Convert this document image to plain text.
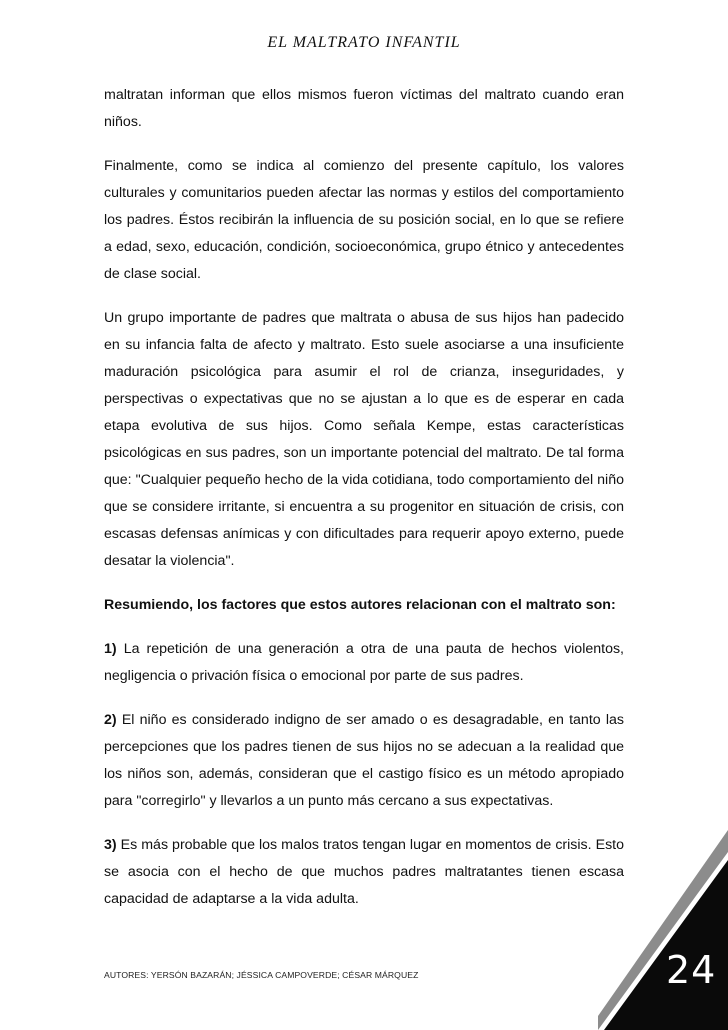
EL MALTRATO INFANTIL

maltratan informan que ellos mismos fueron víctimas del maltrato cuando eran niños.

Finalmente, como se indica al comienzo del presente capítulo, los valores culturales y comunitarios pueden afectar las normas y estilos del comportamiento los padres. Éstos recibirán la influencia de su posición social, en lo que se refiere a edad, sexo, educación, condición, socioeconómica, grupo étnico y antecedentes de clase social.

Un grupo importante de padres que maltrata o abusa de sus hijos han padecido en su infancia falta de afecto y maltrato. Esto suele asociarse a una insuficiente maduración psicológica para asumir el rol de crianza, inseguridades, y perspectivas o expectativas que no se ajustan a lo que es de esperar en cada etapa evolutiva de sus hijos. Como señala Kempe, estas características psicológicas en sus padres, son un importante potencial del maltrato. De tal forma que: "Cualquier pequeño hecho de la vida cotidiana, todo comportamiento del niño que se considere irritante, si encuentra a su progenitor en situación de crisis, con escasas defensas anímicas y con dificultades para requerir apoyo externo, puede desatar la violencia".

Resumiendo, los factores que estos autores relacionan con el maltrato son:

1) La repetición de una generación a otra de una pauta de hechos violentos, negligencia o privación física o emocional por parte de sus padres.

2) El niño es considerado indigno de ser amado o es desagradable, en tanto las percepciones que los padres tienen de sus hijos no se adecuan a la realidad que los niños son, además, consideran que el castigo físico es un método apropiado para "corregirlo" y llevarlos a un punto más cercano a sus expectativas.

3) Es más probable que los malos tratos tengan lugar en momentos de crisis. Esto se asocia con el hecho de que muchos padres maltratantes tienen escasa capacidad de adaptarse a la vida adulta.

AUTORES: YERSÓN BAZARÁN; JÉSSICA CAMPOVERDE; CÉSAR MÁRQUEZ	24
